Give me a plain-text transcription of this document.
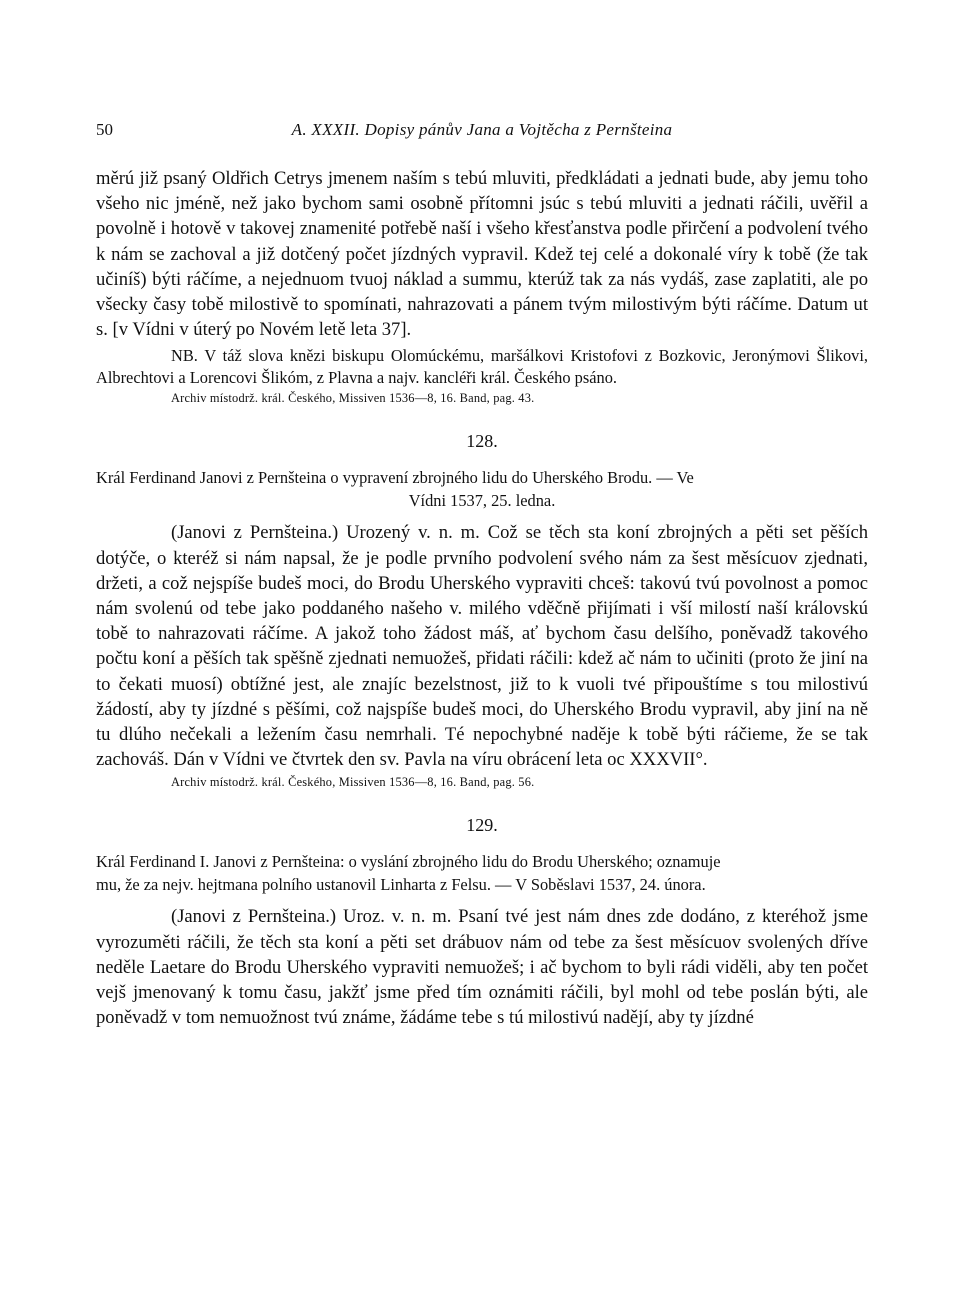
50	A. XXXII. Dopisy pánův Jana a Vojtěcha z Pernšteina

měrú již psaný Oldřich Cetrys jmenem naším s tebú mluviti, předkládati a jednati bude, aby jemu toho všeho nic jméně, než jako bychom sami osobně přítomni jsúc s tebú mluviti a jednati ráčili, uvěřil a povolně i hotově v takovej znamenité potřebě naší i všeho křesťanstva podle přirčení a podvolení tvého k nám se zachoval a již dotčený počet jízdných vypravil. Kdež tej celé a dokonalé víry k tobě (že tak učiníš) býti ráčíme, a nejednuom tvuoj náklad a summu, kterúž tak za nás vydáš, zase zaplatiti, ale po všecky časy tobě milostivě to spomínati, nahrazovati a pánem tvým milostivým býti ráčíme. Datum ut s. [v Vídni v úterý po Novém letě leta 37].

NB. V táž slova knězi biskupu Olomúckému, maršálkovi Kristofovi z Bozkovic, Jeronýmovi Šlikovi, Albrechtovi a Lorencovi Šlikóm, z Plavna a najv. kancléři král. Českého psáno.

Archiv místodrž. král. Českého, Missiven 1536—8, 16. Band, pag. 43.
128.
Král Ferdinand Janovi z Pernšteina o vypravení zbrojného lidu do Uherského Brodu. — Ve
Vídni 1537, 25. ledna.

(Janovi z Pernšteina.) Urozený v. n. m. Což se těch sta koní zbrojných a pěti set pěších dotýče, o kteréž si nám napsal, že je podle prvního podvolení svého nám za šest měsícuov zjednati, držeti, a což nejspíše budeš moci, do Brodu Uherského vypraviti chceš: takovú tvú povolnost a pomoc nám svolenú od tebe jako poddaného našeho v. milého vděčně přijímati i vší milostí naší královskú tobě to nahrazovati ráčíme. A jakož toho žádost máš, ať bychom času delšího, poněvadž takového počtu koní a pěších tak spěšně zjednati nemuožeš, přidati ráčili: kdež ač nám to učiniti (proto že jiní na to čekati muosí) obtížné jest, ale znajíc bezelstnost, již to k vuoli tvé připouštíme s tou milostivú žádostí, aby ty jízdné s pěšími, což najspíše budeš moci, do Uherského Brodu vypravil, aby jiní na ně tu dlúho nečekali a ležením času nemrhali. Té nepochybné naděje k tobě býti ráčieme, že se tak zachováš. Dán v Vídni ve čtvrtek den sv. Pavla na víru obrácení leta oc XXXVII°.

Archiv místodrž. král. Českého, Missiven 1536—8, 16. Band, pag. 56.
129.
Král Ferdinand I. Janovi z Pernšteina: o vyslání zbrojného lidu do Brodu Uherského; oznamuje
mu, že za nejv. hejtmana polního ustanovil Linharta z Felsu. — V Soběslavi 1537, 24. února.

(Janovi z Pernšteina.) Uroz. v. n. m. Psaní tvé jest nám dnes zde dodáno, z kteréhož jsme vyrozuměti ráčili, že těch sta koní a pěti set drábuov nám od tebe za šest měsícuov svolených dříve neděle Laetare do Brodu Uherského vypraviti nemuožeš; i ač bychom to byli rádi viděli, aby ten počet vejš jmenovaný k tomu času, jakžť jsme před tím oznámiti ráčili, byl mohl od tebe poslán býti, ale poněvadž v tom nemuožnost tvú známe, žádáme tebe s tú milostivú nadějí, aby ty jízdné
